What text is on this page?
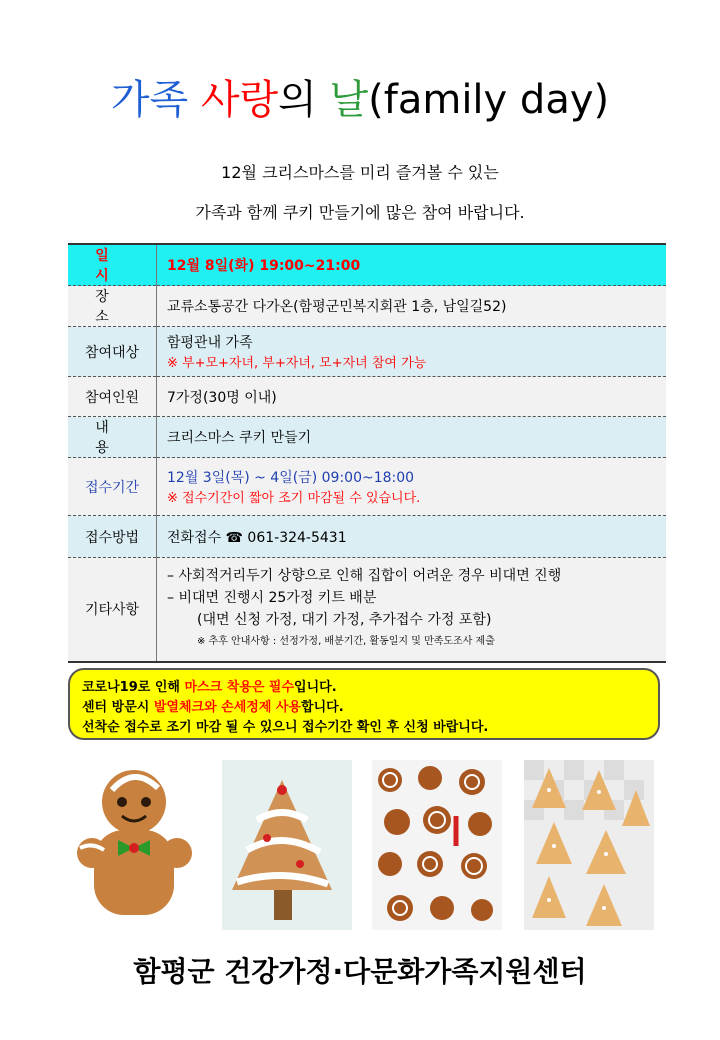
가족 사랑의 날(family day)
12월 크리스마스를 미리 즐겨볼 수 있는
가족과 함께 쿠키 만들기에 많은 참여 바랍니다.
일 시	12월 8일(화) 19:00~21:00
장 소	교류소통공간 다가온(함평군민복지회관 1층, 남일길52)
참여대상	함평관내 가족
※ 부+모+자녀, 부+자녀, 모+자녀 참여 가능

참여인원	7가정(30명 이내)
내 용	크리스마스 쿠키 만들기
접수기간	12월 3일(목) ~ 4일(금) 09:00~18:00
※ 접수기간이 짧아 조기 마감될 수 있습니다.

접수방법	전화접수 ☎ 061-324-5431
기타사항	– 사회적거리두기 상향으로 인해 집합이 어려운 경우 비대면 진행
– 비대면 진행시 25가정 키트 배분
(대면 신청 가정, 대기 가정, 추가접수 가정 포함)
※ 추후 안내사항 : 선정가정, 배분기간, 활동일지 및 만족도조사 제출
코로나19로 인해 마스크 착용은 필수입니다.
센터 방문시 발열체크와 손세정제 사용합니다.
선착순 접수로 조기 마감 될 수 있으니 접수기간 확인 후 신청 바랍니다.
함평군 건강가정·다문화가족지원센터
